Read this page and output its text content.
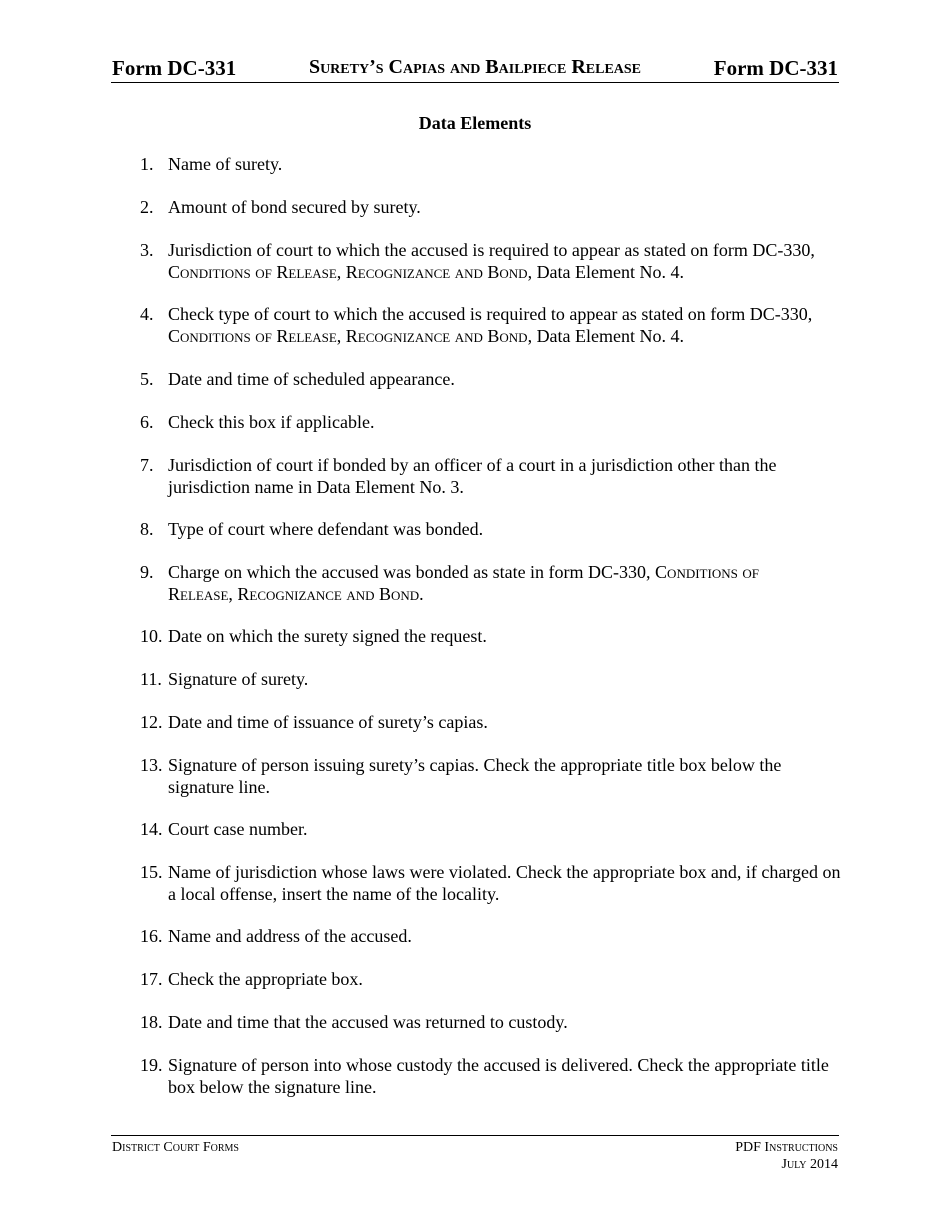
Form DC-331	Surety’s Capias and Bailpiece Release	Form DC-331
Data Elements
1. Name of surety.
2. Amount of bond secured by surety.
3. Jurisdiction of court to which the accused is required to appear as stated on form DC-330,
Conditions of Release, Recognizance and Bond, Data Element No. 4.
4. Check type of court to which the accused is required to appear as stated on form DC-330,
Conditions of Release, Recognizance and Bond, Data Element No. 4.
5. Date and time of scheduled appearance.
6. Check this box if applicable.
7. Jurisdiction of court if bonded by an officer of a court in a jurisdiction other than the jurisdiction name in Data Element No. 3.
8. Type of court where defendant was bonded.
9. Charge on which the accused was bonded as state in form DC-330, Conditions of
Release, Recognizance and Bond.
10. Date on which the surety signed the request.
11. Signature of surety.
12. Date and time of issuance of surety’s capias.
13. Signature of person issuing surety’s capias. Check the appropriate title box below the signature line.
14. Court case number.
15. Name of jurisdiction whose laws were violated. Check the appropriate box and, if charged on a local offense, insert the name of the locality.
16. Name and address of the accused.
17. Check the appropriate box.
18. Date and time that the accused was returned to custody.
19. Signature of person into whose custody the accused is delivered. Check the appropriate title box below the signature line.
District Court Forms	PDF Instructions
July 2014
